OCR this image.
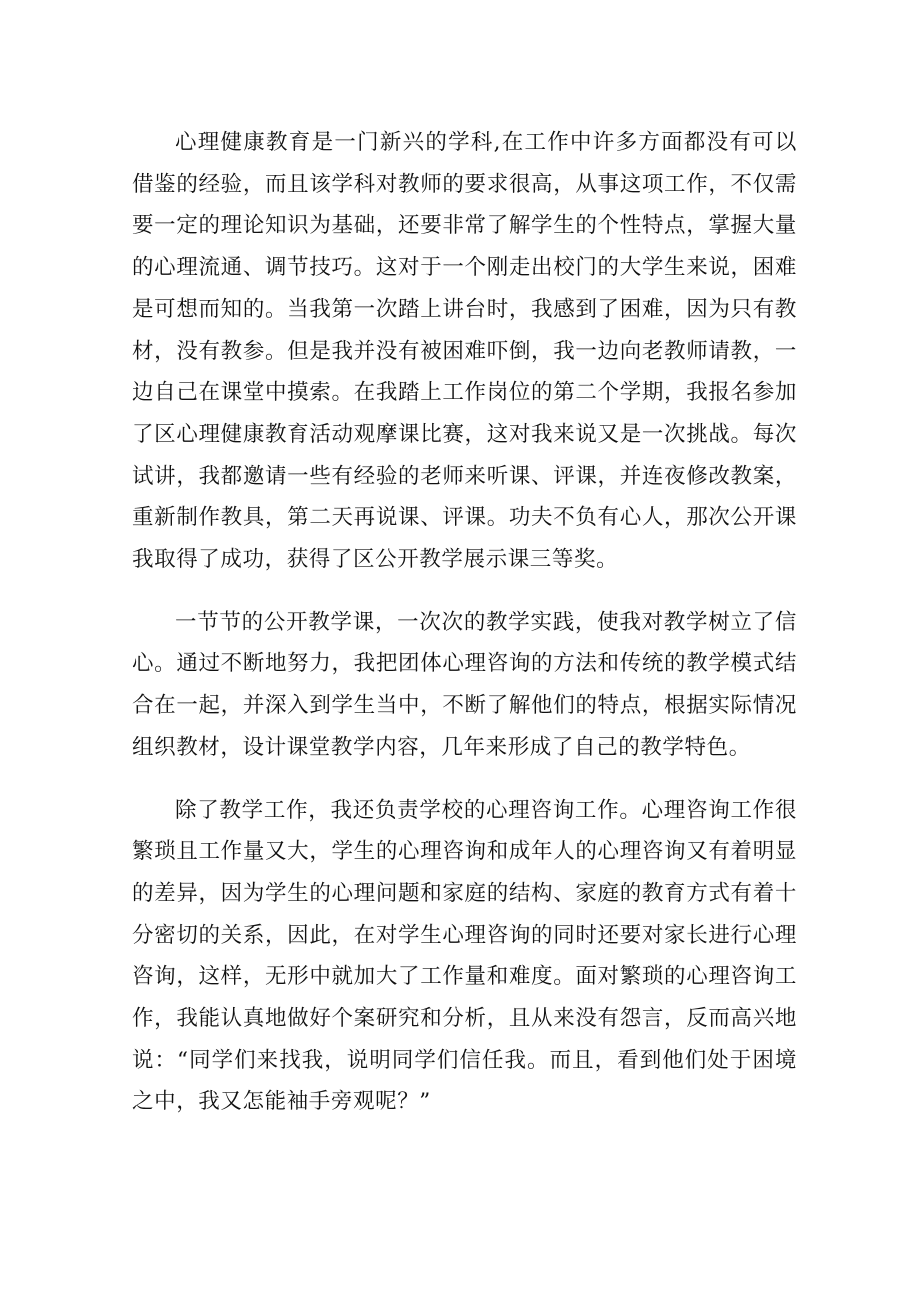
心理健康教育是一门新兴的学科,在工作中许多方面都没有可以借鉴的经验，而且该学科对教师的要求很高，从事这项工作，不仅需要一定的理论知识为基础，还要非常了解学生的个性特点，掌握大量的心理流通、调节技巧。这对于一个刚走出校门的大学生来说，困难是可想而知的。当我第一次踏上讲台时，我感到了困难，因为只有教材，没有教参。但是我并没有被困难吓倒，我一边向老教师请教，一边自己在课堂中摸索。在我踏上工作岗位的第二个学期，我报名参加了区心理健康教育活动观摩课比赛，这对我来说又是一次挑战。每次试讲，我都邀请一些有经验的老师来听课、评课，并连夜修改教案，重新制作教具，第二天再说课、评课。功夫不负有心人，那次公开课我取得了成功，获得了区公开教学展示课三等奖。

一节节的公开教学课，一次次的教学实践，使我对教学树立了信心。通过不断地努力，我把团体心理咨询的方法和传统的教学模式结合在一起，并深入到学生当中，不断了解他们的特点，根据实际情况组织教材，设计课堂教学内容，几年来形成了自己的教学特色。

除了教学工作，我还负责学校的心理咨询工作。心理咨询工作很繁琐且工作量又大，学生的心理咨询和成年人的心理咨询又有着明显的差异，因为学生的心理问题和家庭的结构、家庭的教育方式有着十分密切的关系，因此，在对学生心理咨询的同时还要对家长进行心理咨询，这样，无形中就加大了工作量和难度。面对繁琐的心理咨询工作，我能认真地做好个案研究和分析，且从来没有怨言，反而高兴地说：“同学们来找我，说明同学们信任我。而且，看到他们处于困境之中，我又怎能袖手旁观呢？”
